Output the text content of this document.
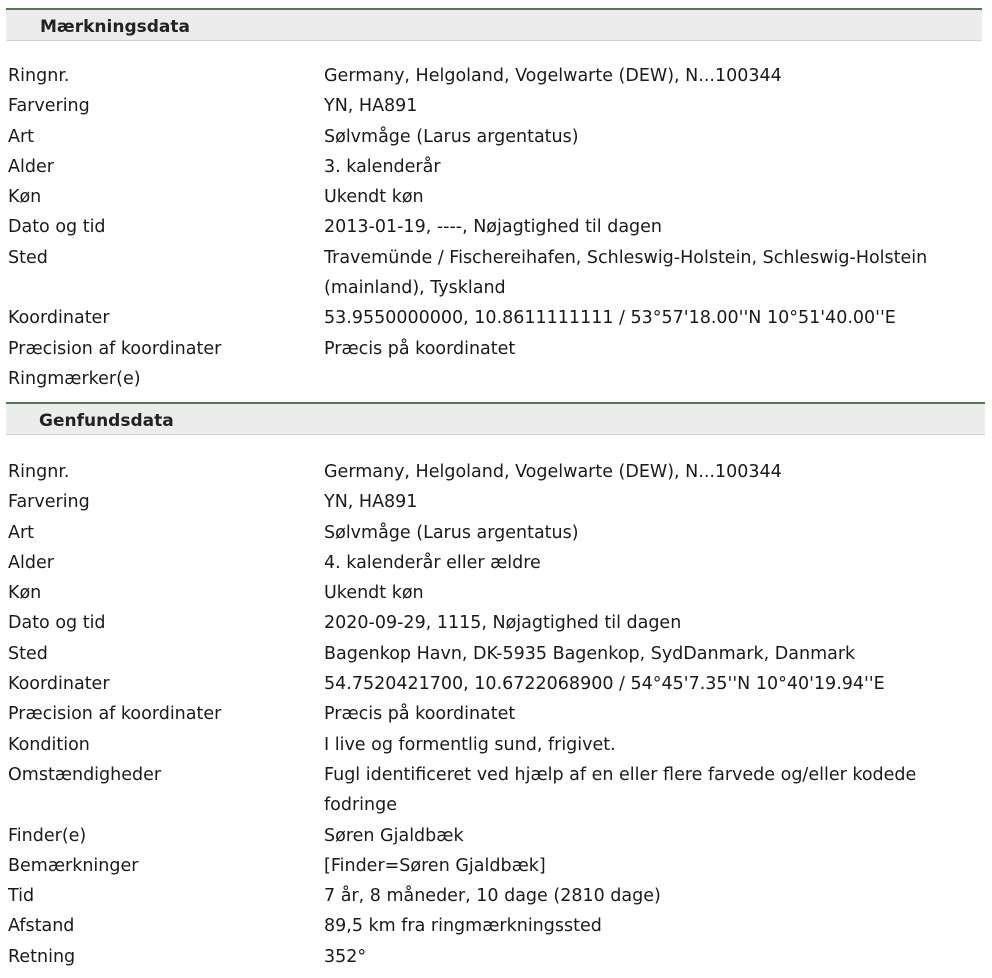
Mærkningsdata
Ringnr.	Germany, Helgoland, Vogelwarte (DEW), N...100344
Farvering	YN, HA891
Art	Sølvmåge (Larus argentatus)
Alder	3. kalenderår
Køn	Ukendt køn
Dato og tid	2013-01-19, ----, Nøjagtighed til dagen
Sted	Travemünde / Fischereihafen, Schleswig-Holstein, Schleswig-Holstein (mainland), Tyskland
Koordinater	53.9550000000, 10.8611111111 / 53°57'18.00''N 10°51'40.00''E
Præcision af koordinater	Præcis på koordinatet
Ringmærker(e)
Genfundsdata
Ringnr.	Germany, Helgoland, Vogelwarte (DEW), N...100344
Farvering	YN, HA891
Art	Sølvmåge (Larus argentatus)
Alder	4. kalenderår eller ældre
Køn	Ukendt køn
Dato og tid	2020-09-29, 1115, Nøjagtighed til dagen
Sted	Bagenkop Havn, DK-5935 Bagenkop, SydDanmark, Danmark
Koordinater	54.7520421700, 10.6722068900 / 54°45'7.35''N 10°40'19.94''E
Præcision af koordinater	Præcis på koordinatet
Kondition	I live og formentlig sund, frigivet.
Omstændigheder	Fugl identificeret ved hjælp af en eller flere farvede og/eller kodede fodringe
Finder(e)	Søren Gjaldbæk
Bemærkninger	[Finder=Søren Gjaldbæk]
Tid	7 år, 8 måneder, 10 dage (2810 dage)
Afstand	89,5 km fra ringmærkningssted
Retning	352°
